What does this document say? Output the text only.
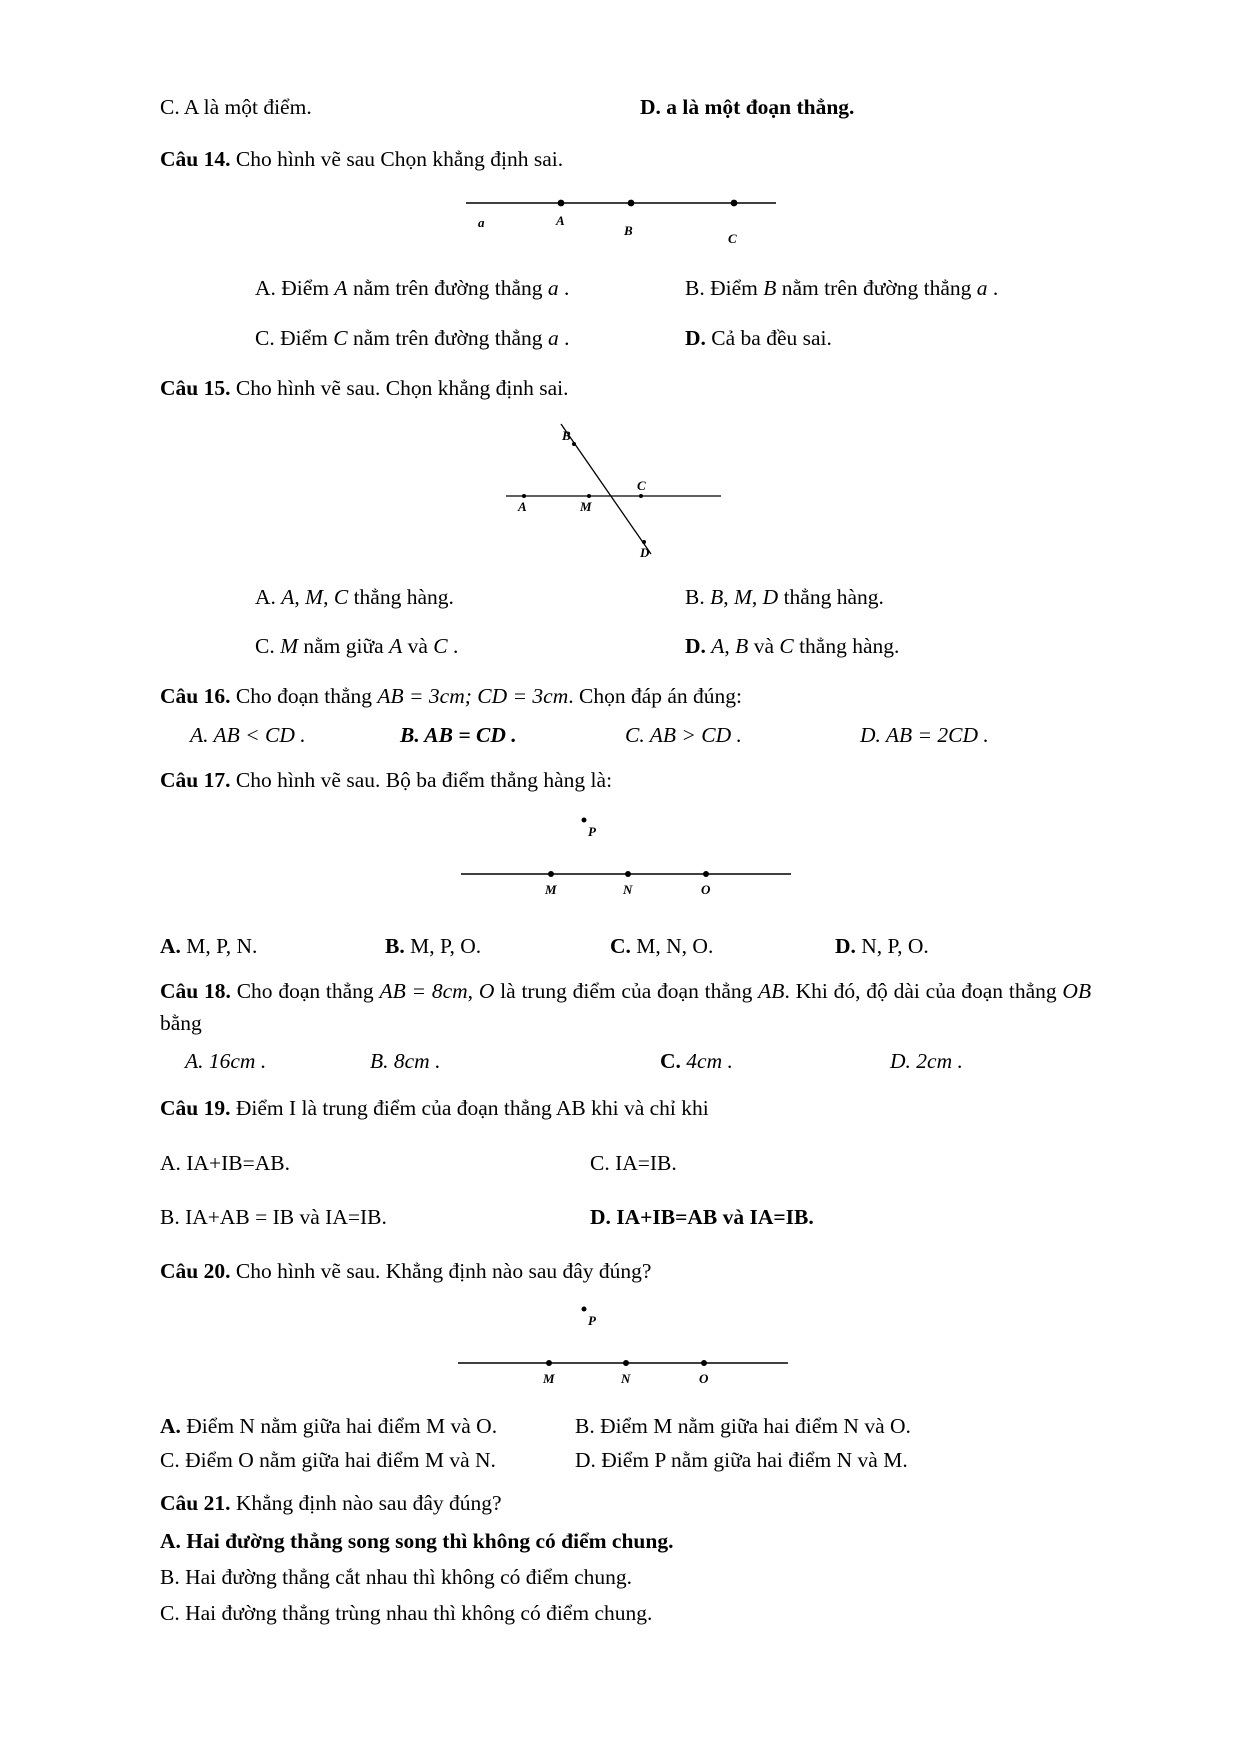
C. A là một điểm.	D. a là một đoạn thẳng.
Câu 14. Cho hình vẽ sau Chọn khẳng định sai.
a	A
B
C
A. Điểm A nằm trên đường thẳng a .	B. Điểm B nằm trên đường thẳng a .
C. Điểm C nằm trên đường thẳng a .	D. Cả ba đều sai.
Câu 15. Cho hình vẽ sau. Chọn khẳng định sai.
B
A	M
C
D
A. A, M, C thẳng hàng.	B. B, M, D thẳng hàng.
C. M nằm giữa A và C .	D. A, B và C thẳng hàng.
Câu 16. Cho đoạn thẳng AB = 3cm; CD = 3cm. Chọn đáp án đúng:
A. AB < CD .	B. AB = CD .	C. AB > CD .	D. AB = 2CD .
Câu 17. Cho hình vẽ sau. Bộ ba điểm thẳng hàng là:
P
M	N	O
A. M, P, N.	B. M, P, O.	C. M, N, O.	D. N, P, O.
Câu 18. Cho đoạn thẳng AB = 8cm, O là trung điểm của đoạn thẳng AB. Khi đó, độ dài của đoạn thẳng OB bằng
A. 16cm .	B. 8cm .	C. 4cm .	D. 2cm .
Câu 19. Điểm I là trung điểm của đoạn thẳng AB khi và chỉ khi
A. IA+IB=AB.	C. IA=IB.
B. IA+AB = IB và IA=IB.	D. IA+IB=AB và IA=IB.
Câu 20. Cho hình vẽ sau. Khẳng định nào sau đây đúng?
P
M	N	O
A. Điểm N nằm giữa hai điểm M và O.	B. Điểm M nằm giữa hai điểm N và O.
C. Điểm O nằm giữa hai điểm M và N.	D. Điểm P nằm giữa hai điểm N và M.
Câu 21. Khẳng định nào sau đây đúng?
A. Hai đường thẳng song song thì không có điểm chung.
B. Hai đường thẳng cắt nhau thì không có điểm chung.
C. Hai đường thẳng trùng nhau thì không có điểm chung.
